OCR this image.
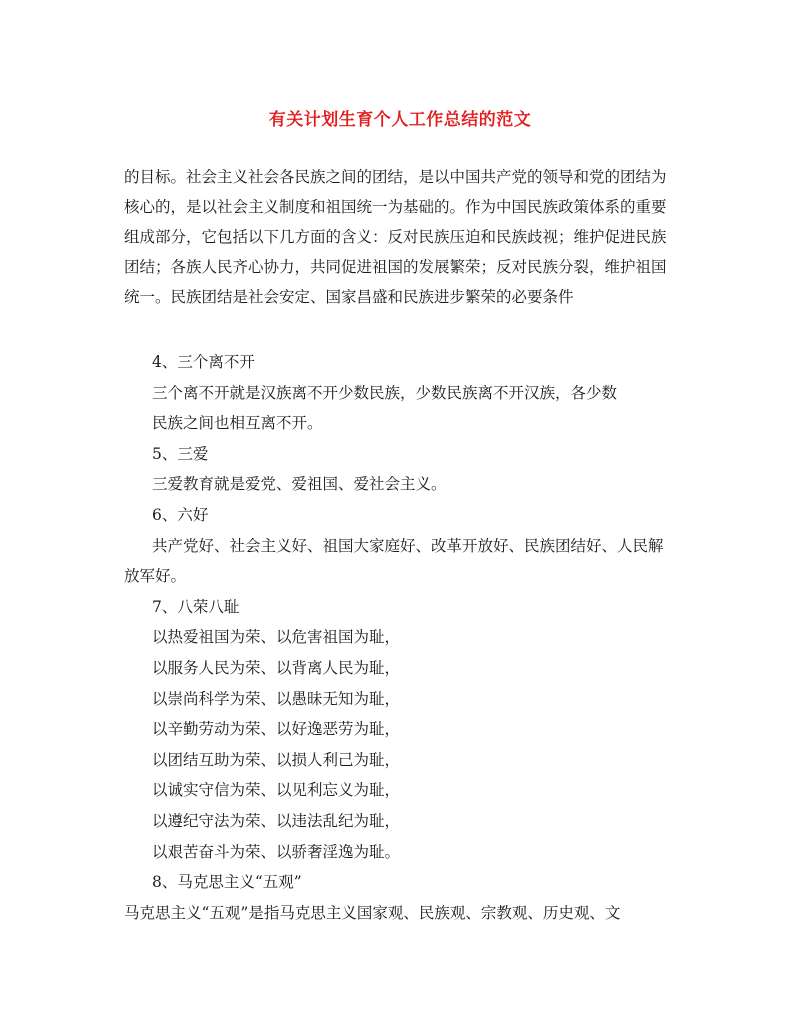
有关计划生育个人工作总结的范文
的目标。社会主义社会各民族之间的团结，是以中国共产党的领导和党的团结为
核心的，是以社会主义制度和祖国统一为基础的。作为中国民族政策体系的重要
组成部分，它包括以下几方面的含义：反对民族压迫和民族歧视；维护促进民族
团结；各族人民齐心协力，共同促进祖国的发展繁荣；反对民族分裂，维护祖国
统一。民族团结是社会安定、国家昌盛和民族进步繁荣的必要条件
4、三个离不开
三个离不开就是汉族离不开少数民族，少数民族离不开汉族，各少数
民族之间也相互离不开。
5、三爱
三爱教育就是爱党、爱祖国、爱社会主义。
6、六好
共产党好、社会主义好、祖国大家庭好、改革开放好、民族团结好、人民解
放军好。
7、八荣八耻
以热爱祖国为荣、以危害祖国为耻，
以服务人民为荣、以背离人民为耻，
以崇尚科学为荣、以愚昧无知为耻，
以辛勤劳动为荣、以好逸恶劳为耻，
以团结互助为荣、以损人利己为耻，
以诚实守信为荣、以见利忘义为耻，
以遵纪守法为荣、以违法乱纪为耻，
以艰苦奋斗为荣、以骄奢淫逸为耻。
8、马克思主义“五观”
马克思主义“五观”是指马克思主义国家观、民族观、宗教观、历史观、文
